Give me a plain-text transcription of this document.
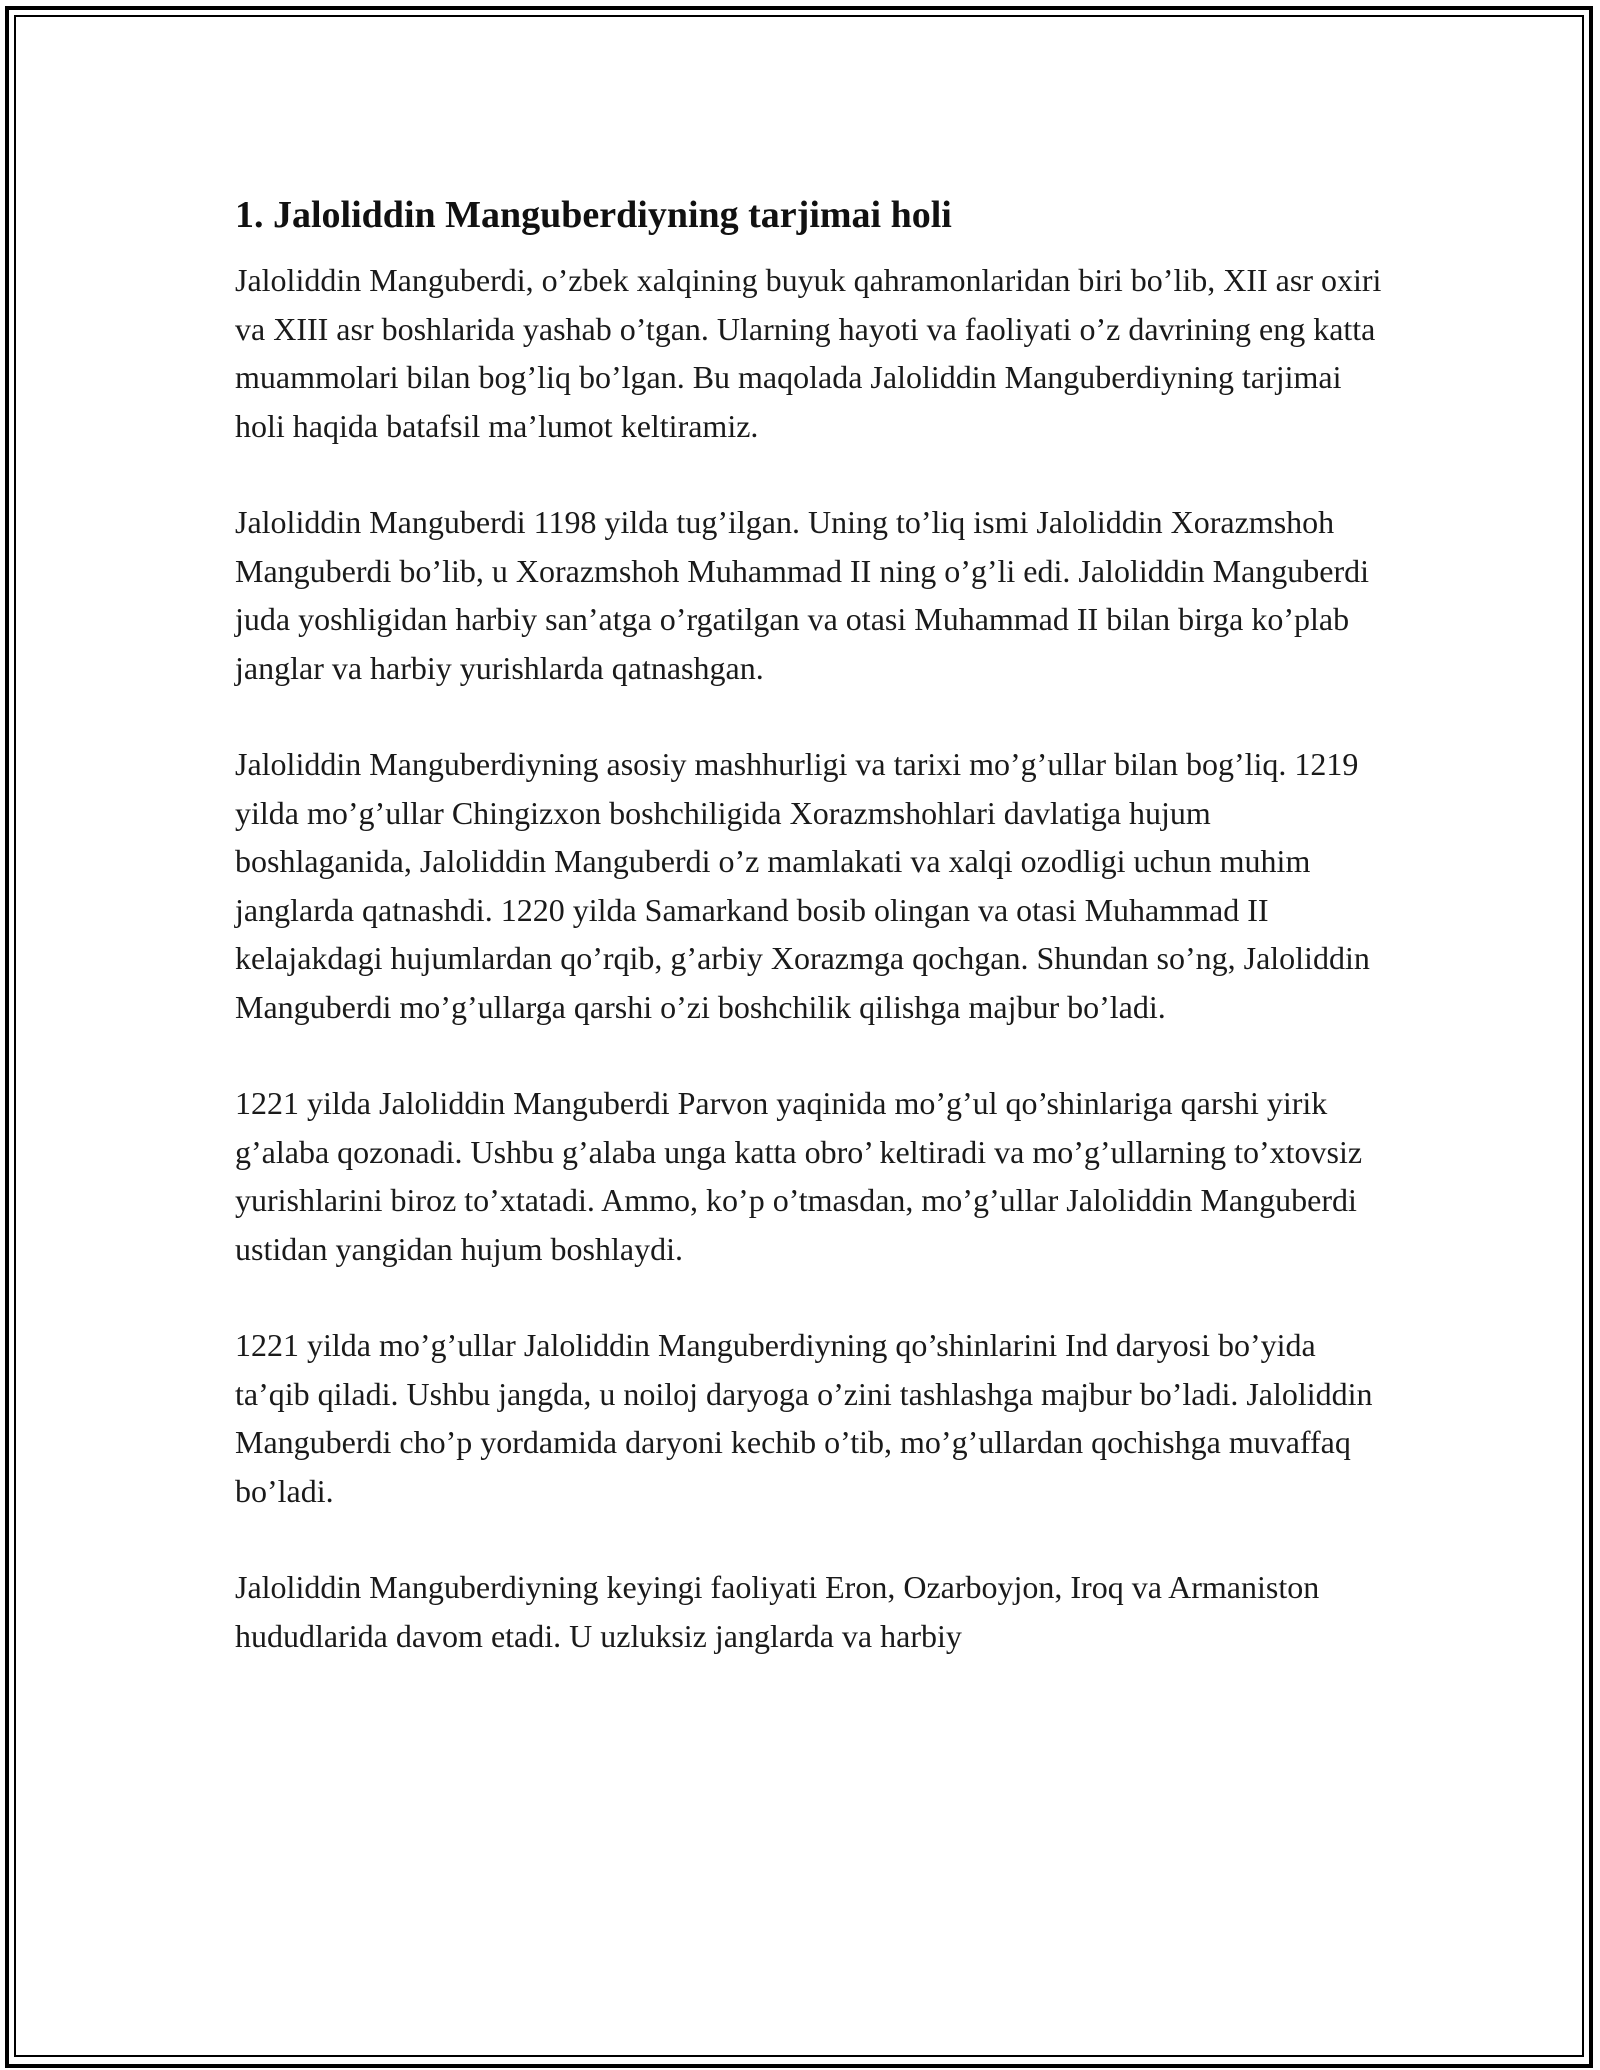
1. Jaloliddin Manguberdiyning tarjimai holi

Jaloliddin Manguberdi, o’zbek xalqining buyuk qahramonlaridan biri bo’lib, XII asr oxiri va XIII asr boshlarida yashab o’tgan. Ularning hayoti va faoliyati o’z davrining eng katta muammolari bilan bog’liq bo’lgan. Bu maqolada Jaloliddin Manguberdiyning tarjimai holi haqida batafsil ma’lumot keltiramiz.

Jaloliddin Manguberdi 1198 yilda tug’ilgan. Uning to’liq ismi Jaloliddin Xorazmshoh Manguberdi bo’lib, u Xorazmshoh Muhammad II ning o’g’li edi. Jaloliddin Manguberdi juda yoshligidan harbiy san’atga o’rgatilgan va otasi Muhammad II bilan birga ko’plab janglar va harbiy yurishlarda qatnashgan.

Jaloliddin Manguberdiyning asosiy mashhurligi va tarixi mo’g’ullar bilan bog’liq. 1219 yilda mo’g’ullar Chingizxon boshchiligida Xorazmshohlari davlatiga hujum boshlaganida, Jaloliddin Manguberdi o’z mamlakati va xalqi ozodligi uchun muhim janglarda qatnashdi. 1220 yilda Samarkand bosib olingan va otasi Muhammad II kelajakdagi hujumlardan qo’rqib, g’arbiy Xorazmga qochgan. Shundan so’ng, Jaloliddin Manguberdi mo’g’ullarga qarshi o’zi boshchilik qilishga majbur bo’ladi.

1221 yilda Jaloliddin Manguberdi Parvon yaqinida mo’g’ul qo’shinlariga qarshi yirik g’alaba qozonadi. Ushbu g’alaba unga katta obro’ keltiradi va mo’g’ullarning to’xtovsiz yurishlarini biroz to’xtatadi. Ammo, ko’p o’tmasdan, mo’g’ullar Jaloliddin Manguberdi ustidan yangidan hujum boshlaydi.

1221 yilda mo’g’ullar Jaloliddin Manguberdiyning qo’shinlarini Ind daryosi bo’yida ta’qib qiladi. Ushbu jangda, u noiloj daryoga o’zini tashlashga majbur bo’ladi. Jaloliddin Manguberdi cho’p yordamida daryoni kechib o’tib, mo’g’ullardan qochishga muvaffaq bo’ladi.

Jaloliddin Manguberdiyning keyingi faoliyati Eron, Ozarboyjon, Iroq va Armaniston hududlarida davom etadi. U uzluksiz janglarda va harbiy
